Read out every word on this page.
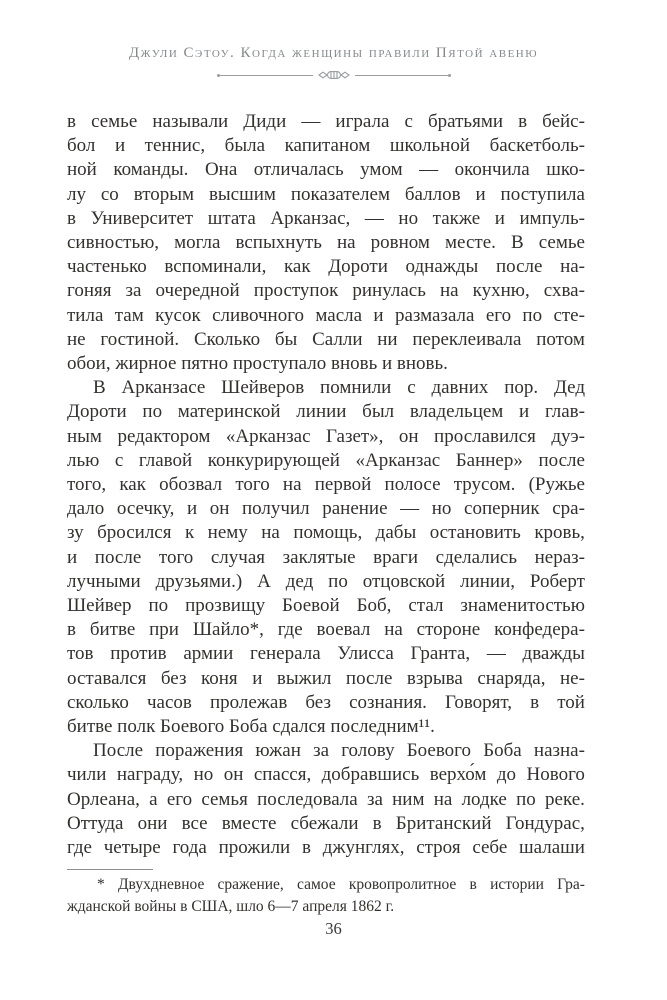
Джули Сэтоу. Когда женщины правили Пятой авеню
в семье называли Диди — играла с братьями в бейс-
бол и теннис, была капитаном школьной баскетболь-
ной команды. Она отличалась умом — окончила шко-
лу со вторым высшим показателем баллов и поступила
в Университет штата Арканзас, — но также и импуль-
сивностью, могла вспыхнуть на ровном месте. В семье
частенько вспоминали, как Дороти однажды после на-
гоняя за очередной проступок ринулась на кухню, схва-
тила там кусок сливочного масла и размазала его по сте-
не гостиной. Сколько бы Салли ни переклеивала потом
обои, жирное пятно проступало вновь и вновь.
В Арканзасе Шейверов помнили с давних пор. Дед
Дороти по материнской линии был владельцем и глав-
ным редактором «Арканзас Газет», он прославился дуэ-
лью с главой конкурирующей «Арканзас Баннер» после
того, как обозвал того на первой полосе трусом. (Ружье
дало осечку, и он получил ранение — но соперник сра-
зу бросился к нему на помощь, дабы остановить кровь,
и после того случая заклятые враги сделались нераз-
лучными друзьями.) А дед по отцовской линии, Роберт
Шейвер по прозвищу Боевой Боб, стал знаменитостью
в битве при Шайло*, где воевал на стороне конфедера-
тов против армии генерала Улисса Гранта, — дважды
оставался без коня и выжил после взрыва снаряда, не-
сколько часов пролежав без сознания. Говорят, в той
битве полк Боевого Боба сдался последним¹¹.
После поражения южан за голову Боевого Боба назна-
чили награду, но он спасся, добравшись верхо́м до Нового
Орлеана, а его семья последовала за ним на лодке по реке.
Оттуда они все вместе сбежали в Британский Гондурас,
где четыре года прожили в джунглях, строя себе шалаши
* Двухдневное сражение, самое кровопролитное в истории Гра-
жданской войны в США, шло 6—7 апреля 1862 г.
36
